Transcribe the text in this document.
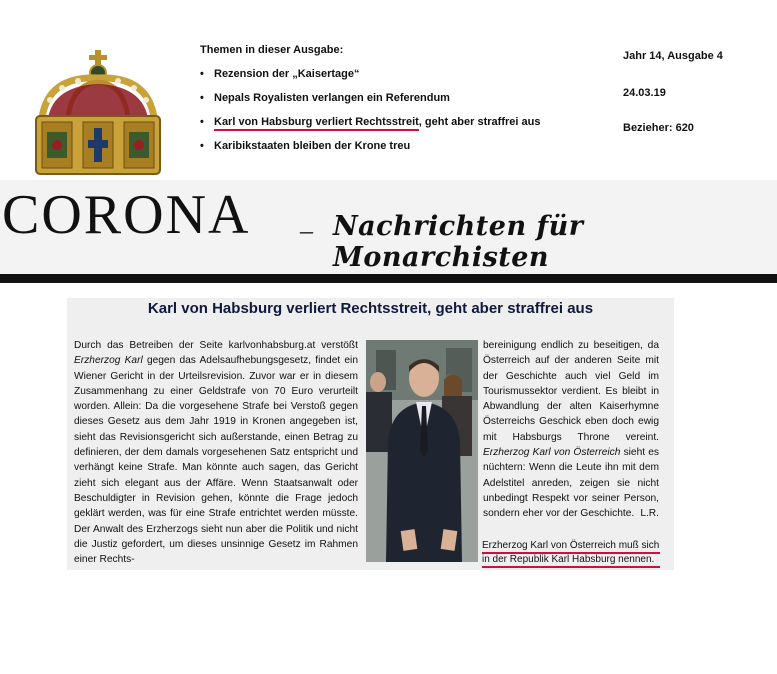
Themen in dieser Ausgabe:
• Rezension der „Kaisertage“
• Nepals Royalisten verlangen ein Referendum
• Karl von Habsburg verliert Rechtsstreit , geht aber straffrei aus
• Karibikstaaten bleiben der Krone treu
Jahr 14, Ausgabe 4
24.03.19
Bezieher: 620
CORONA – Nachrichten für Monarchisten
Karl von Habsburg verliert Rechtsstreit, geht aber straffrei aus

Durch das Betreiben der Seite karlvonhabsburg.at verstößt Erzherzog Karl gegen das Adelsaufhebungsgesetz, findet ein Wiener Gericht in der Urteilsrevision. Zuvor war er in diesem Zusammenhang zu einer Geldstrafe von 70 Euro verurteilt worden. Allein: Da die vorgesehene Strafe bei Verstoß gegen dieses Gesetz aus dem Jahr 1919 in Kronen angegeben ist, sieht das Revisionsgericht sich außerstande, einen Betrag zu definieren, der dem damals vorgesehenen Satz entspricht und verhängt keine Strafe. Man könnte auch sagen, das Gericht zieht sich elegant aus der Affäre. Wenn Staatsanwalt oder Beschuldigter in Revision gehen, könnte die Frage jedoch geklärt werden, was für eine Strafe entrichtet werden müsste. Der Anwalt des Erzherzogs sieht nun aber die Politik und nicht die Justiz gefordert, um dieses unsinnige Gesetz im Rahmen einer Rechts-

bereinigung endlich zu beseitigen, da Österreich auf der anderen Seite mit der Geschichte auch viel Geld im Tourismussektor verdient. Es bleibt in Abwandlung der alten Kaiserhymne Österreichs Geschick eben doch ewig mit Habsburgs Throne vereint. Erzherzog Karl von Österreich sieht es nüchtern: Wenn die Leute ihn mit dem Adelstitel anreden, zeigen sie nicht unbedingt Respekt vor seiner Person, sondern eher vor der Geschichte. L.R.

Erzherzog Karl von Österreich muß sich
in der Republik Karl Habsburg nennen.
